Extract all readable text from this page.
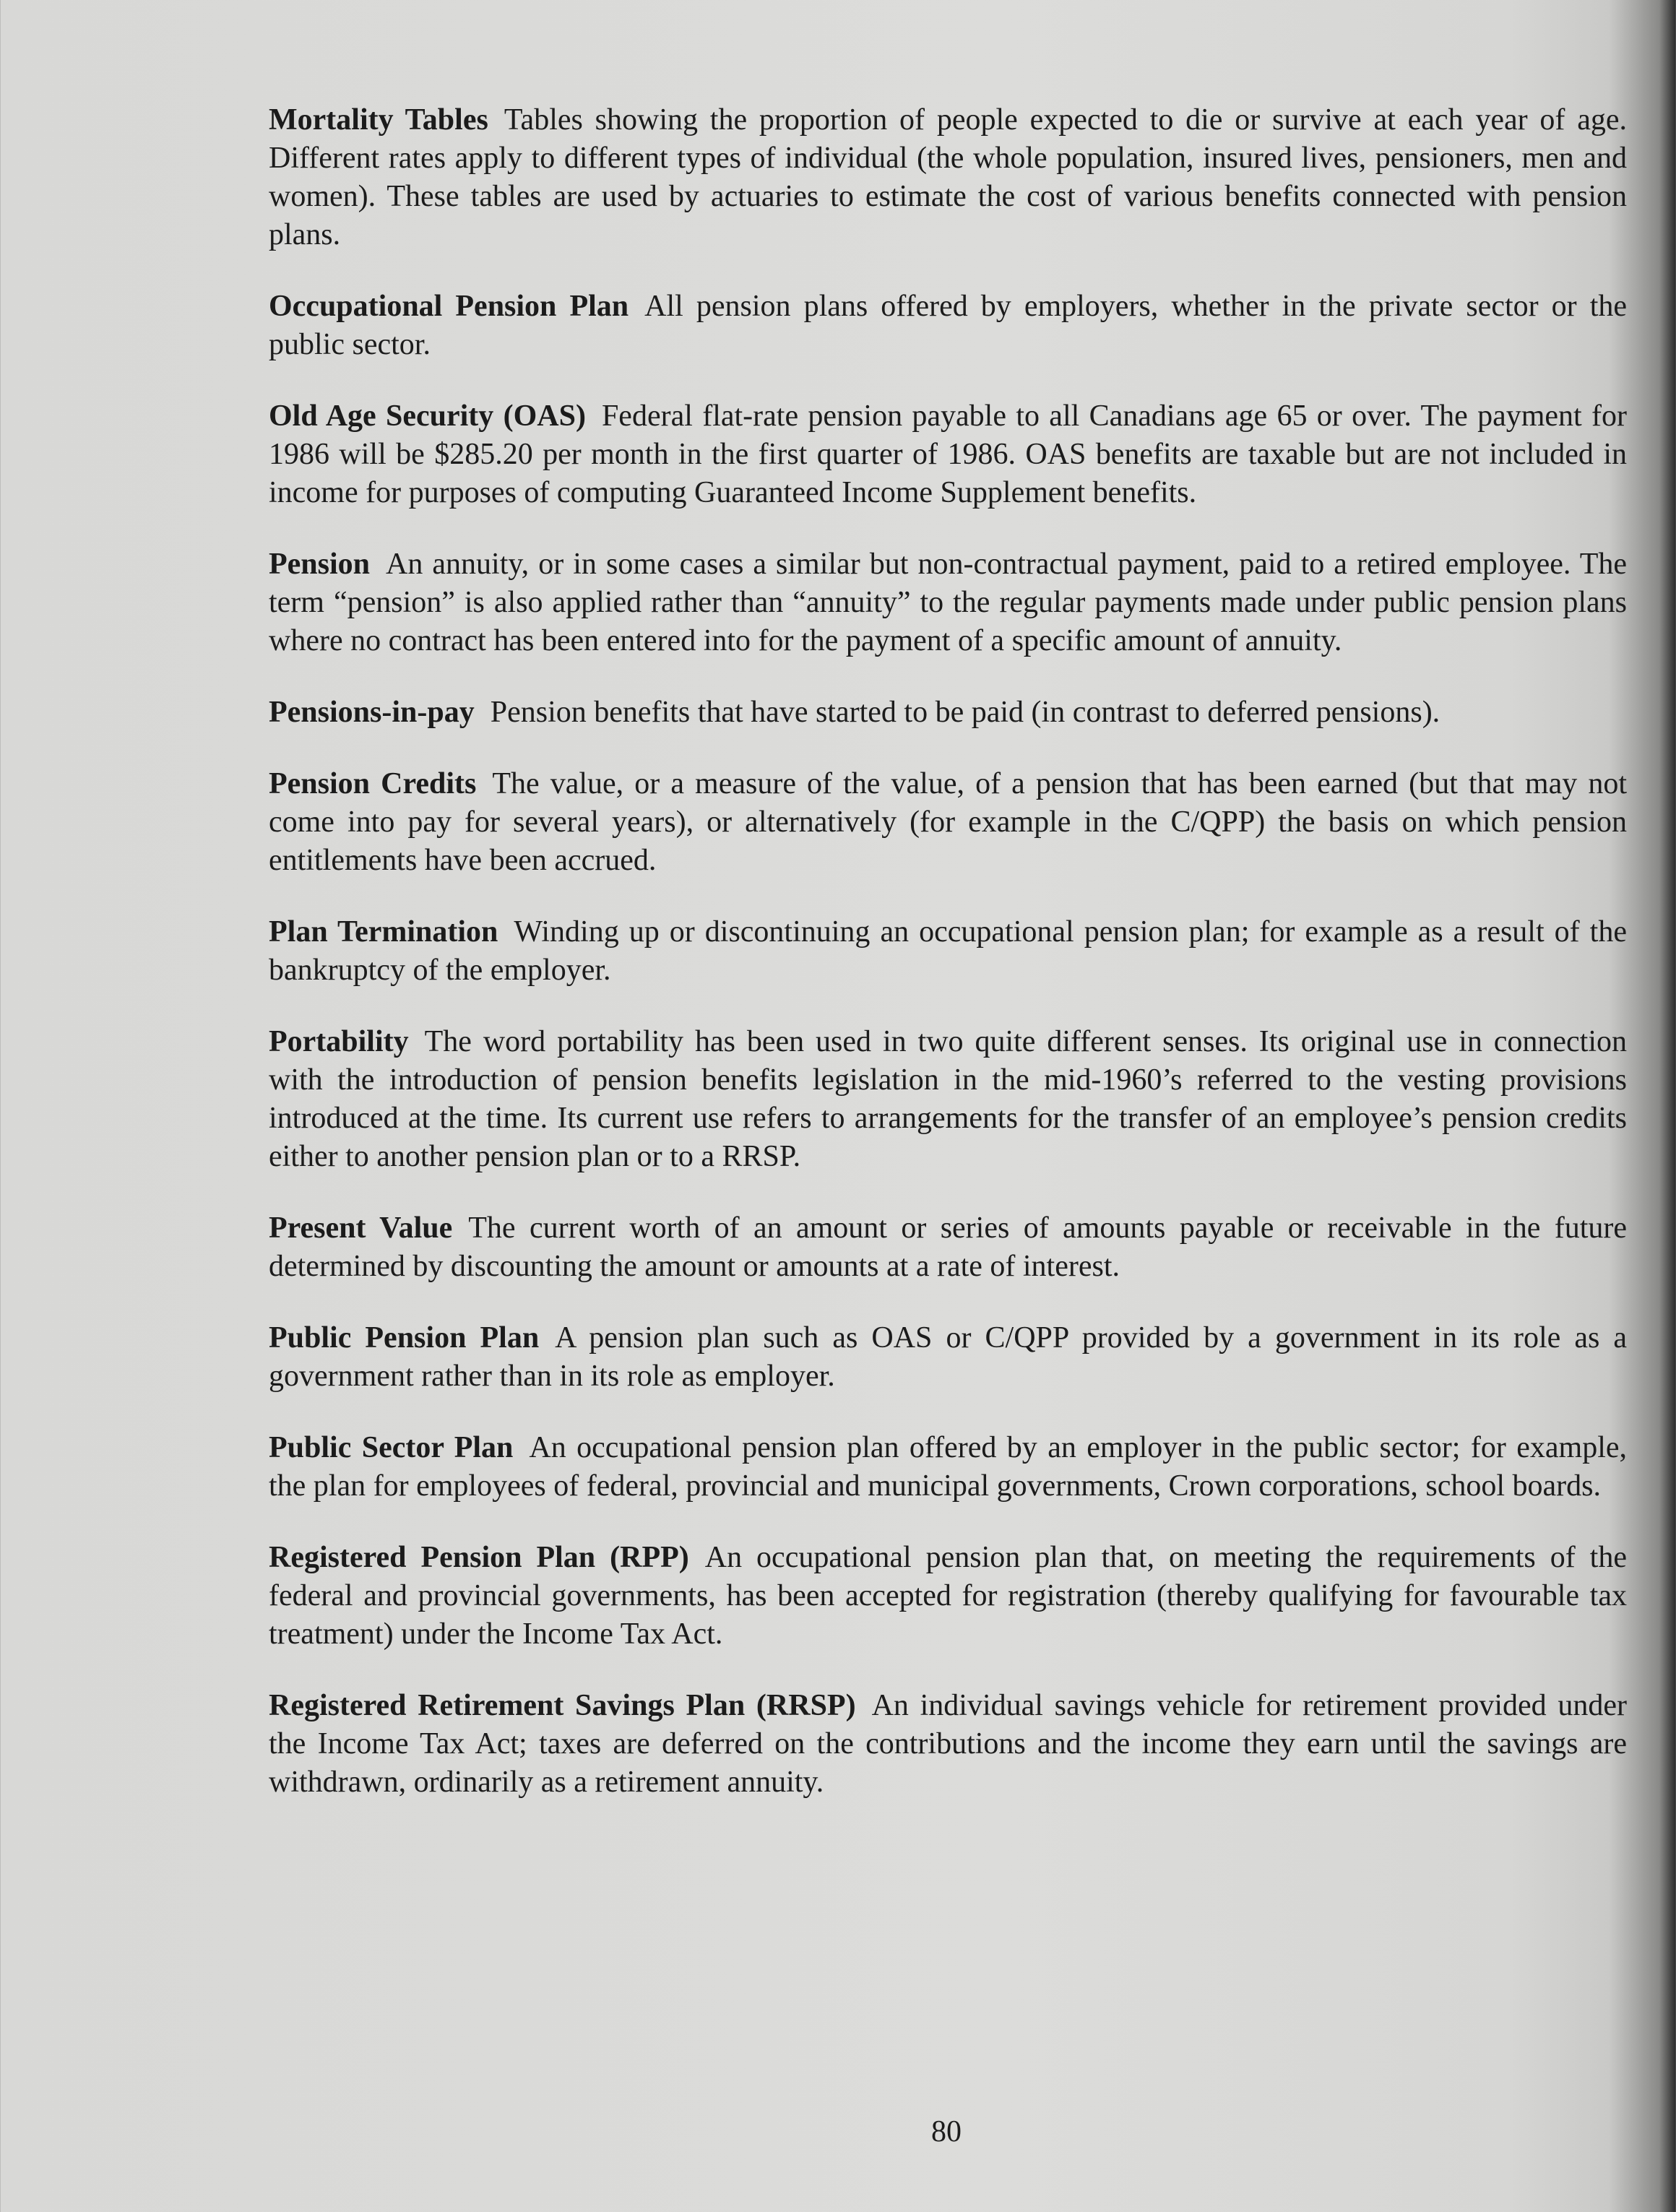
Mortality Tables Tables showing the proportion of people expected to die or survive at each year of age. Different rates apply to different types of individual (the whole population, insured lives, pensioners, men and women). These tables are used by actuaries to estimate the cost of various benefits connected with pension plans.

Occupational Pension Plan All pension plans offered by employers, whether in the private sector or the public sector.

Old Age Security (OAS) Federal flat-rate pension payable to all Canadians age 65 or over. The payment for 1986 will be $285.20 per month in the first quarter of 1986. OAS benefits are taxable but are not included in income for purposes of computing Guaranteed Income Supplement benefits.

Pension An annuity, or in some cases a similar but non-contractual payment, paid to a retired employee. The term “pension” is also applied rather than “annuity” to the regular payments made under public pension plans where no contract has been entered into for the payment of a specific amount of annuity.

Pensions-in-pay Pension benefits that have started to be paid (in contrast to deferred pensions).

Pension Credits The value, or a measure of the value, of a pension that has been earned (but that may not come into pay for several years), or alternatively (for example in the C/QPP) the basis on which pension entitlements have been accrued.

Plan Termination Winding up or discontinuing an occupational pension plan; for example as a result of the bankruptcy of the employer.

Portability The word portability has been used in two quite different senses. Its original use in connection with the introduction of pension benefits legislation in the mid-1960’s referred to the vesting provisions introduced at the time. Its current use refers to arrangements for the transfer of an employee’s pension credits either to another pension plan or to a RRSP.

Present Value The current worth of an amount or series of amounts payable or receivable in the future determined by discounting the amount or amounts at a rate of interest.

Public Pension Plan A pension plan such as OAS or C/QPP provided by a government in its role as a government rather than in its role as employer.

Public Sector Plan An occupational pension plan offered by an employer in the public sector; for example, the plan for employees of federal, provincial and municipal governments, Crown corporations, school boards.

Registered Pension Plan (RPP) An occupational pension plan that, on meeting the requirements of the federal and provincial governments, has been accepted for registration (thereby qualifying for favourable tax treatment) under the Income Tax Act.

Registered Retirement Savings Plan (RRSP) An individual savings vehicle for retirement provided under the Income Tax Act; taxes are deferred on the contributions and the income they earn until the savings are withdrawn, ordinarily as a retirement annuity.

80
